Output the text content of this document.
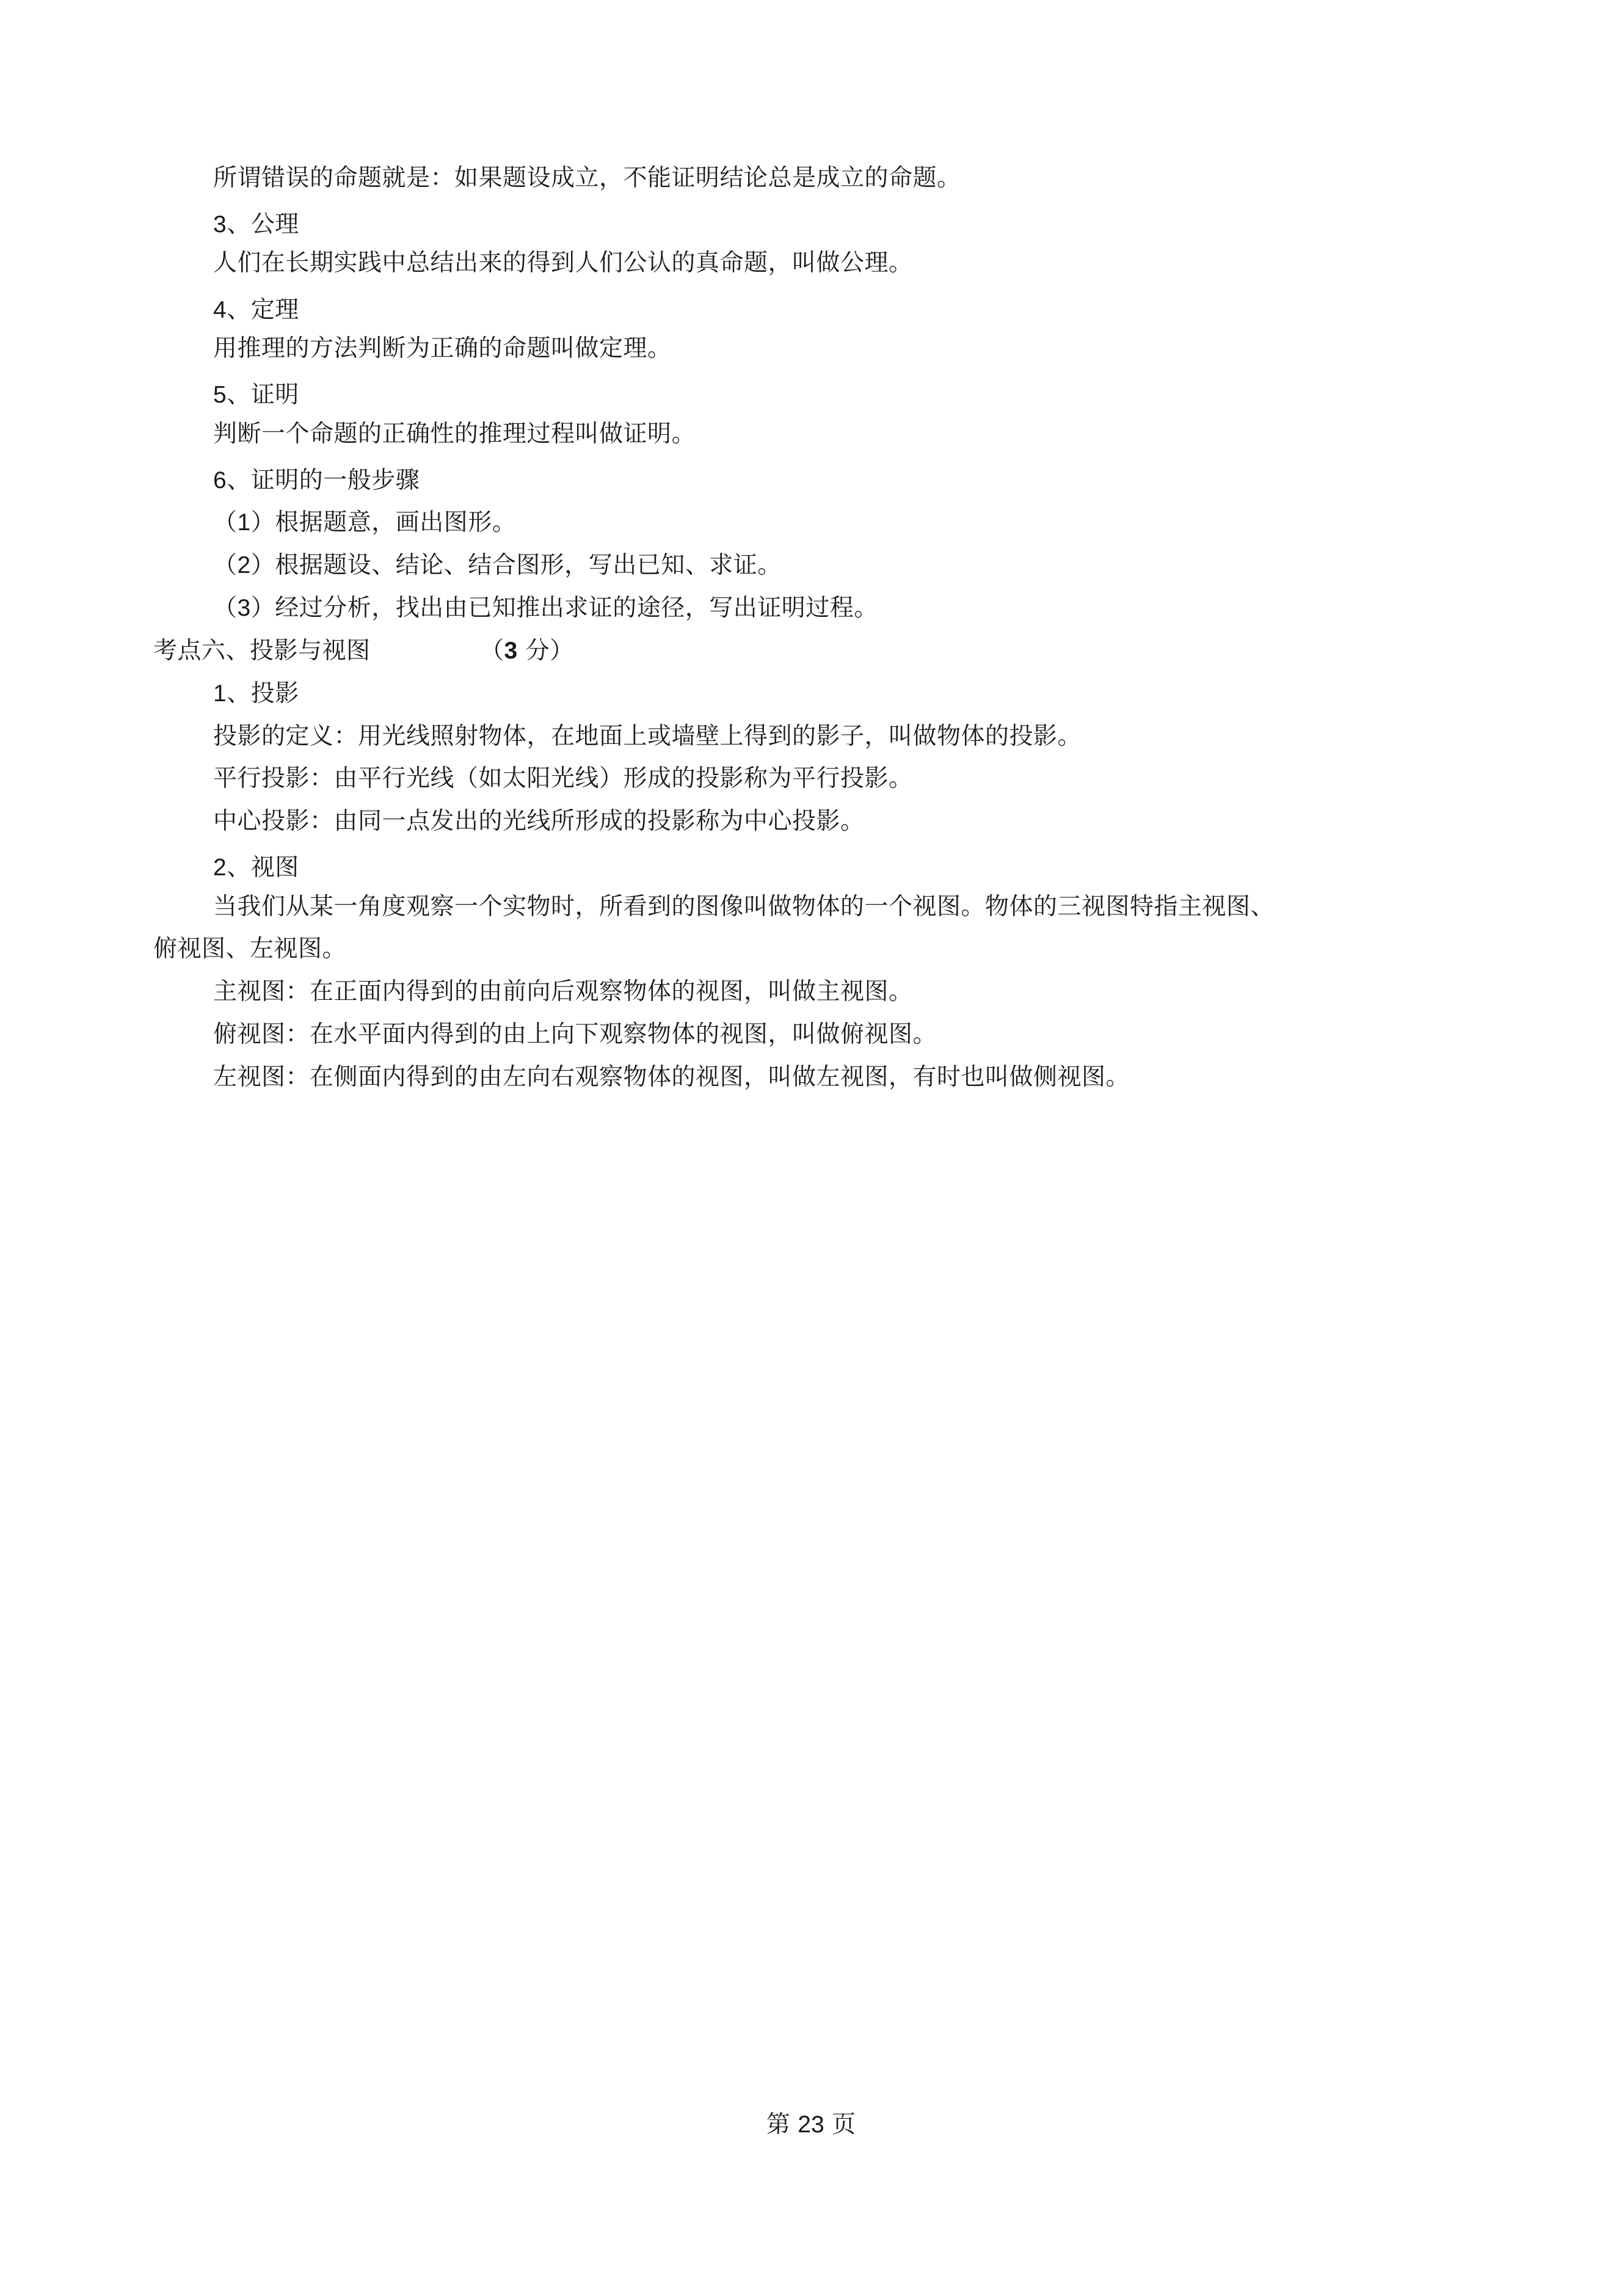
所谓错误的命题就是：如果题设成立，不能证明结论总是成立的命题。
3、公理
人们在长期实践中总结出来的得到人们公认的真命题，叫做公理。
4、定理
用推理的方法判断为正确的命题叫做定理。
5、证明
判断一个命题的正确性的推理过程叫做证明。
6、证明的一般步骤
（1）根据题意，画出图形。
（2）根据题设、结论、结合图形，写出已知、求证。
（3）经过分析，找出由已知推出求证的途径，写出证明过程。
考点六、投影与视图	（3 分）
1、投影
投影的定义：用光线照射物体，在地面上或墙壁上得到的影子，叫做物体的投影。
平行投影：由平行光线（如太阳光线）形成的投影称为平行投影。
中心投影：由同一点发出的光线所形成的投影称为中心投影。
2、视图
当我们从某一角度观察一个实物时，所看到的图像叫做物体的一个视图。物体的三视图特指主视图、
俯视图、左视图。
主视图：在正面内得到的由前向后观察物体的视图，叫做主视图。
俯视图：在水平面内得到的由上向下观察物体的视图，叫做俯视图。
左视图：在侧面内得到的由左向右观察物体的视图，叫做左视图，有时也叫做侧视图。
第 23 页
